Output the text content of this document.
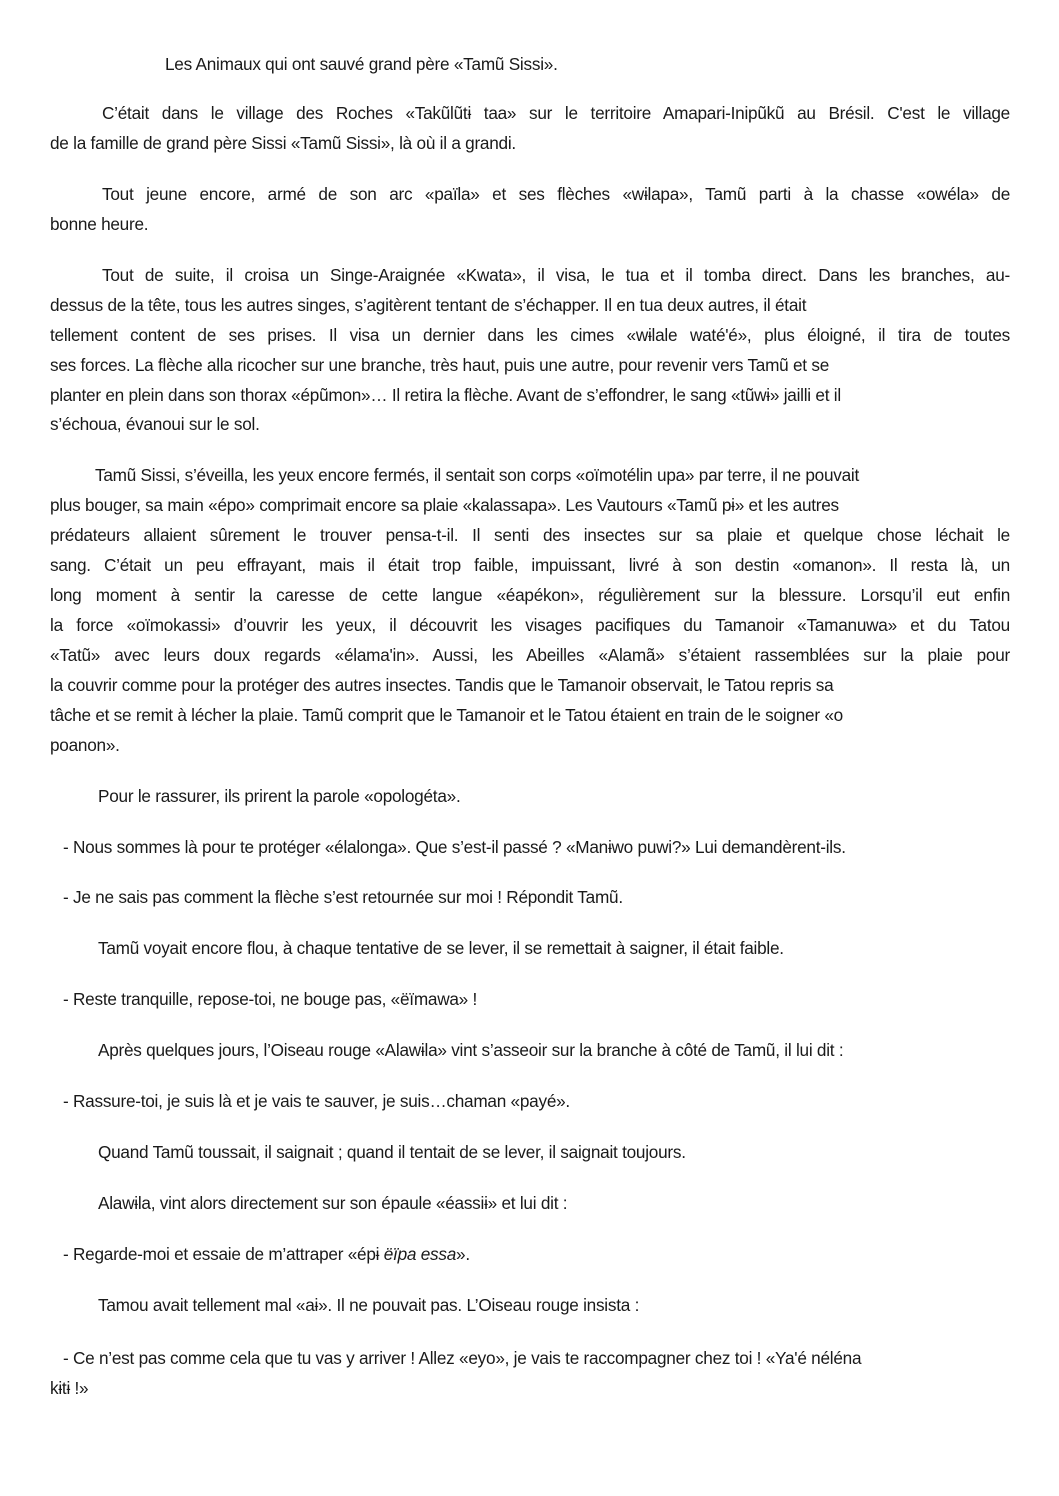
Les Animaux qui ont sauvé grand père «Tamũ Sissi».
C’était dans le village des Roches «Takũlũtɨ taa» sur le territoire Amapari-Inipũkũ au Brésil. C'est le village
de la famille de grand père Sissi «Tamũ Sissi», là où il a grandi.
Tout jeune encore, armé de son arc «païla» et ses flèches «wɨlapa», Tamũ parti à la chasse «owéla» de
bonne heure.
Tout de suite, il croisa un Singe-Araignée «Kwata», il visa, le tua et il tomba direct. Dans les branches, au-
dessus de la tête, tous les autres singes, s’agitèrent tentant de s’échapper. Il en tua deux autres, il était
tellement content de ses prises. Il visa un dernier dans les cimes «wɨlale waté'é», plus éloigné, il tira de toutes
ses forces. La flèche alla ricocher sur une branche, très haut, puis une autre, pour revenir vers Tamũ et se
planter en plein dans son thorax «épũmon»… Il retira la flèche. Avant de s’effondrer, le sang «tũwɨ» jailli et il
s’échoua, évanoui sur le sol.
Tamũ Sissi, s’éveilla, les yeux encore fermés, il sentait son corps «oïmotélin upa» par terre, il ne pouvait
plus bouger, sa main «épo» comprimait encore sa plaie «kalassapa». Les Vautours «Tamũ pɨ» et les autres
prédateurs allaient sûrement le trouver pensa-t-il. Il senti des insectes sur sa plaie et quelque chose léchait le
sang. C’était un peu effrayant, mais il était trop faible, impuissant, livré à son destin «omanon». Il resta là, un
long moment à sentir la caresse de cette langue «éapékon», régulièrement sur la blessure. Lorsqu’il eut enfin
la force «oïmokassi» d’ouvrir les yeux, il découvrit les visages pacifiques du Tamanoir «Tamanuwa» et du Tatou
«Tatũ» avec leurs doux regards «élama'in». Aussi, les Abeilles «Alamã» s’étaient rassemblées sur la plaie pour
la couvrir comme pour la protéger des autres insectes. Tandis que le Tamanoir observait, le Tatou repris sa
tâche et se remit à lécher la plaie. Tamũ comprit que le Tamanoir et le Tatou étaient en train de le soigner «o
poanon».
Pour le rassurer, ils prirent la parole «opologéta».
- Nous sommes là pour te protéger «élalonga». Que s’est-il passé ? «Manɨwo puwi?» Lui demandèrent-ils.
- Je ne sais pas comment la flèche s’est retournée sur moi ! Répondit Tamũ.
Tamũ voyait encore flou, à chaque tentative de se lever, il se remettait à saigner, il était faible.
- Reste tranquille, repose-toi, ne bouge pas, «ëïmawa» !
Après quelques jours, l’Oiseau rouge «Alawɨla» vint s’asseoir sur la branche à côté de Tamũ, il lui dit :
- Rassure-toi, je suis là et je vais te sauver, je suis…chaman «payé».
Quand Tamũ toussait, il saignait ; quand il tentait de se lever, il saignait toujours.
Alawɨla, vint alors directement sur son épaule «éassiɨ» et lui dit :
- Regarde-moi et essaie de m’attraper «épɨ ëïpa essa».
Tamou avait tellement mal «aɨ». Il ne pouvait pas. L’Oiseau rouge insista :
- Ce n’est pas comme cela que tu vas y arriver ! Allez «eyo», je vais te raccompagner chez toi ! «Ya'é néléna
kɨtɨ !»
